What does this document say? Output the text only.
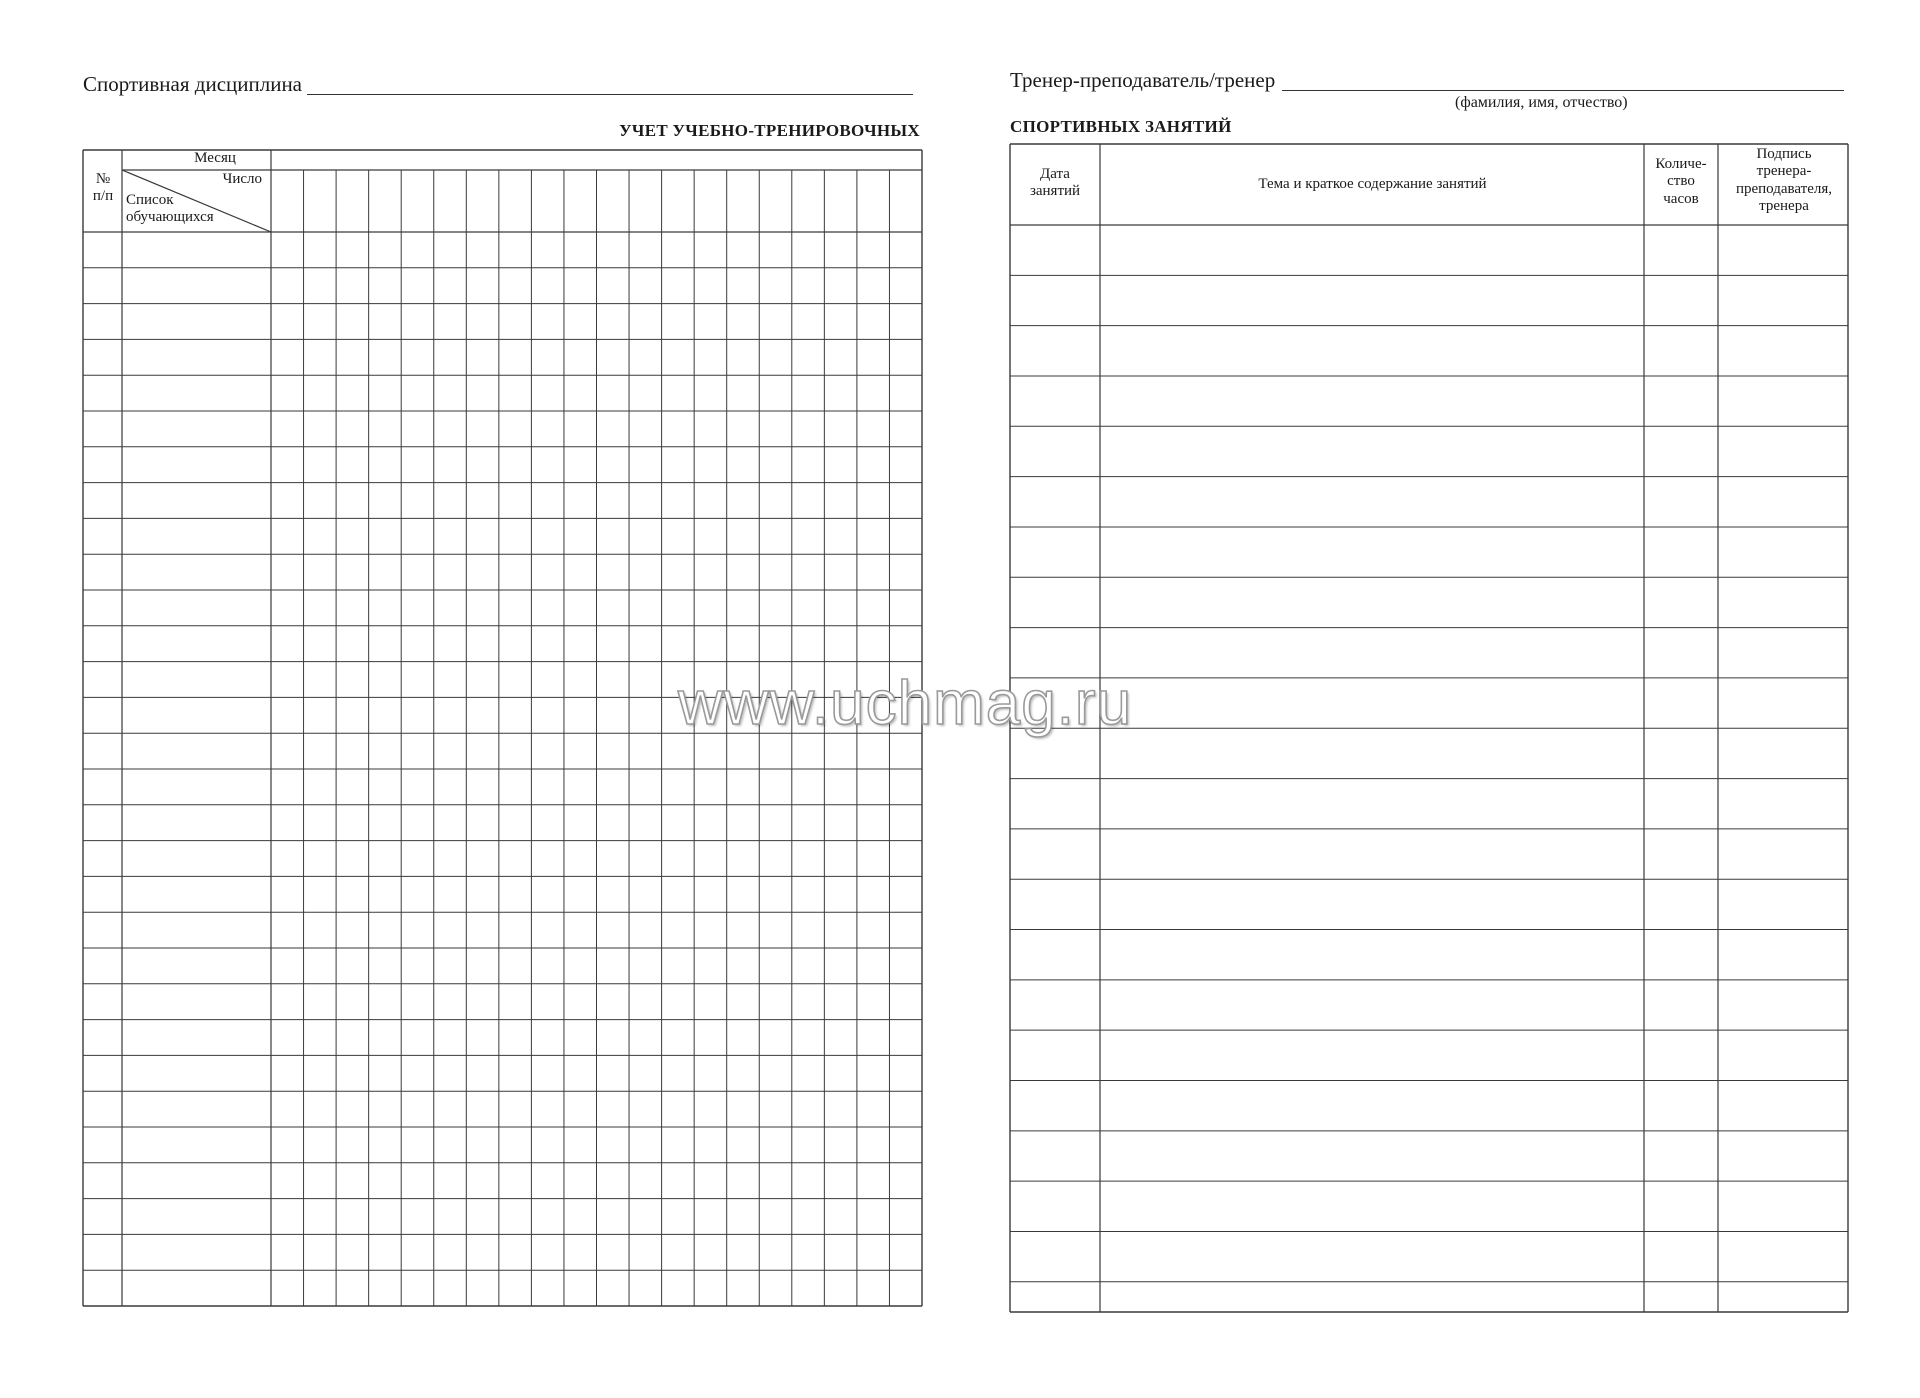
Спортивная дисциплина
УЧЕТ УЧЕБНО-ТРЕНИРОВОЧНЫХ
Месяц
Число
Список
обучающихся
№
п/п
Тренер-преподаватель/тренер
(фамилия, имя, отчество)
СПОРТИВНЫХ ЗАНЯТИЙ
Дата
занятий	Тема и краткое содержание занятий
Количе-
ство
часов
Подпись
тренера-
преподавателя,
тренера
www.uchmag.ru
